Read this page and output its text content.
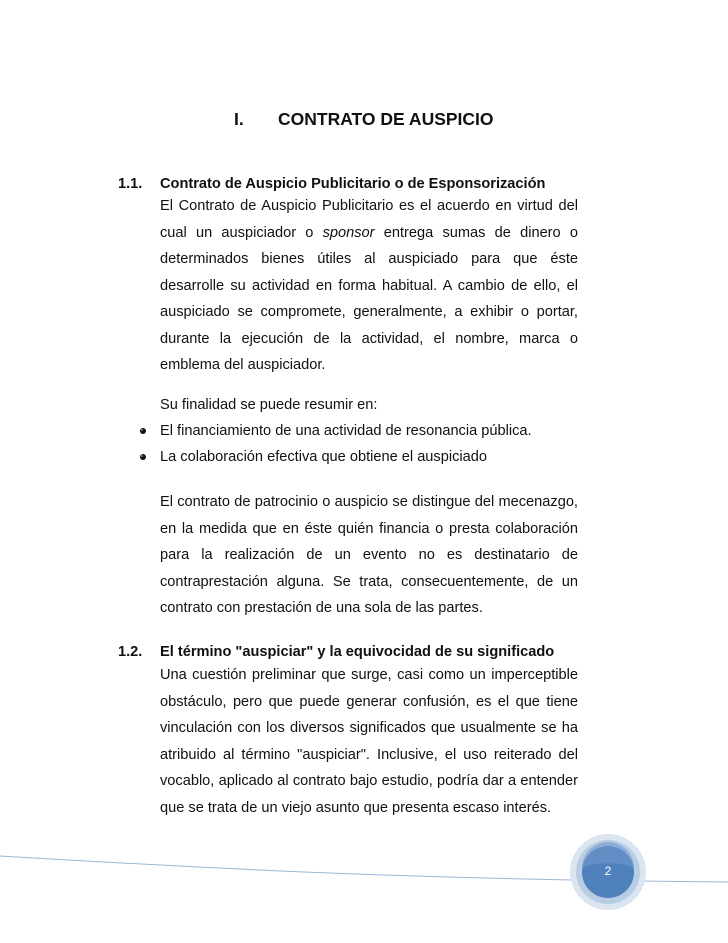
I. CONTRATO DE AUSPICIO
1.1. Contrato de Auspicio Publicitario o de Esponsorización

El Contrato de Auspicio Publicitario es el acuerdo en virtud del cual un auspiciador o sponsor entrega sumas de dinero o determinados bienes útiles al auspiciado para que éste desarrolle su actividad en forma habitual. A cambio de ello, el auspiciado se compromete, generalmente, a exhibir o portar, durante la ejecución de la actividad, el nombre, marca o emblema del auspiciador.

Su finalidad se puede resumir en:

El financiamiento de una actividad de resonancia pública.
La colaboración efectiva que obtiene el auspiciado

El contrato de patrocinio o auspicio se distingue del mecenazgo, en la medida que en éste quién financia o presta colaboración para la realización de un evento no es destinatario de contraprestación alguna. Se trata, consecuentemente, de un contrato con prestación de una sola de las partes.

1.2. El término "auspiciar" y la equivocidad de su significado

Una cuestión preliminar que surge, casi como un imperceptible obstáculo, pero que puede generar confusión, es el que tiene vinculación con los diversos significados que usualmente se ha atribuido al término "auspiciar". Inclusive, el uso reiterado del vocablo, aplicado al contrato bajo estudio, podría dar a entender que se trata de un viejo asunto que presenta escaso interés.

2
